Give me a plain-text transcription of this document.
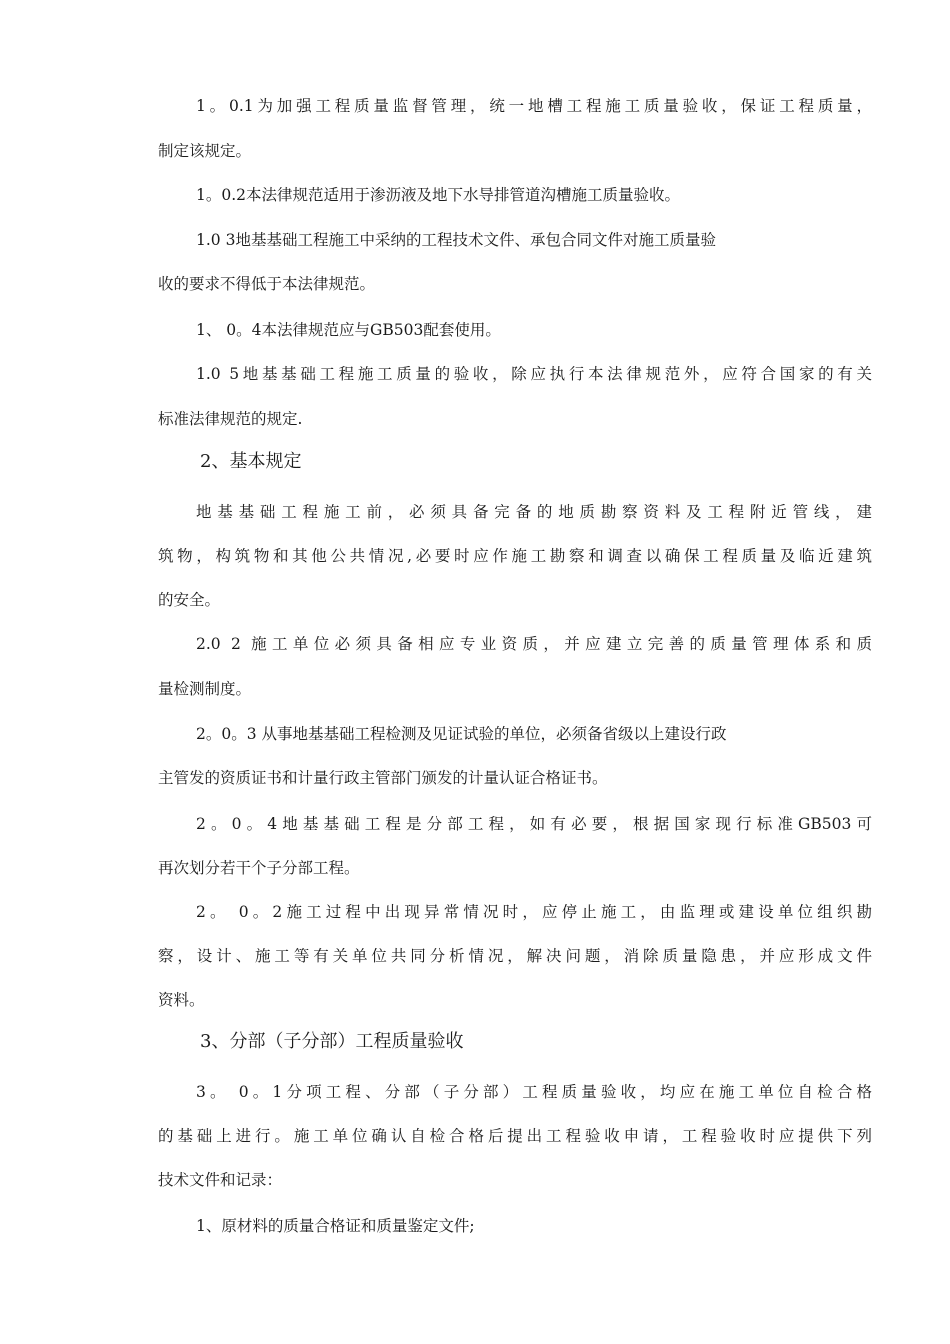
1。0.1为加强工程质量监督管理，统一地槽工程施工质量验收，保证工程质量，
制定该规定。
1。0.2本法律规范适用于渗沥液及地下水导排管道沟槽施工质量验收。
1.0 3地基基础工程施工中采纳的工程技术文件、承包合同文件对施工质量验
收的要求不得低于本法律规范。
1、 0。4本法律规范应与GB503配套使用。
1.0 5地基基础工程施工质量的验收，除应执行本法律规范外，应符合国家的有关
标准法律规范的规定.
2、基本规定
地基基础工程施工前，必须具备完备的地质勘察资料及工程附近管线，建
筑物，构筑物和其他公共情况,必要时应作施工勘察和调查以确保工程质量及临近建筑
的安全。
2.0 2 施工单位必须具备相应专业资质，并应建立完善的质量管理体系和质
量检测制度。
2。0。3 从事地基基础工程检测及见证试验的单位，必须备省级以上建设行政
主管发的资质证书和计量行政主管部门颁发的计量认证合格证书。
2。0。4地基基础工程是分部工程，如有必要，根据国家现行标准GB503可
再次划分若干个子分部工程。
2。 0。2施工过程中出现异常情况时，应停止施工，由监理或建设单位组织勘
察，设计、施工等有关单位共同分析情况，解决问题，消除质量隐患，并应形成文件
资料。
3、分部（子分部）工程质量验收
3。 0。1分项工程、分部（子分部）工程质量验收，均应在施工单位自检合格
的基础上进行。施工单位确认自检合格后提出工程验收申请，工程验收时应提供下列
技术文件和记录：
1、原材料的质量合格证和质量鉴定文件;
